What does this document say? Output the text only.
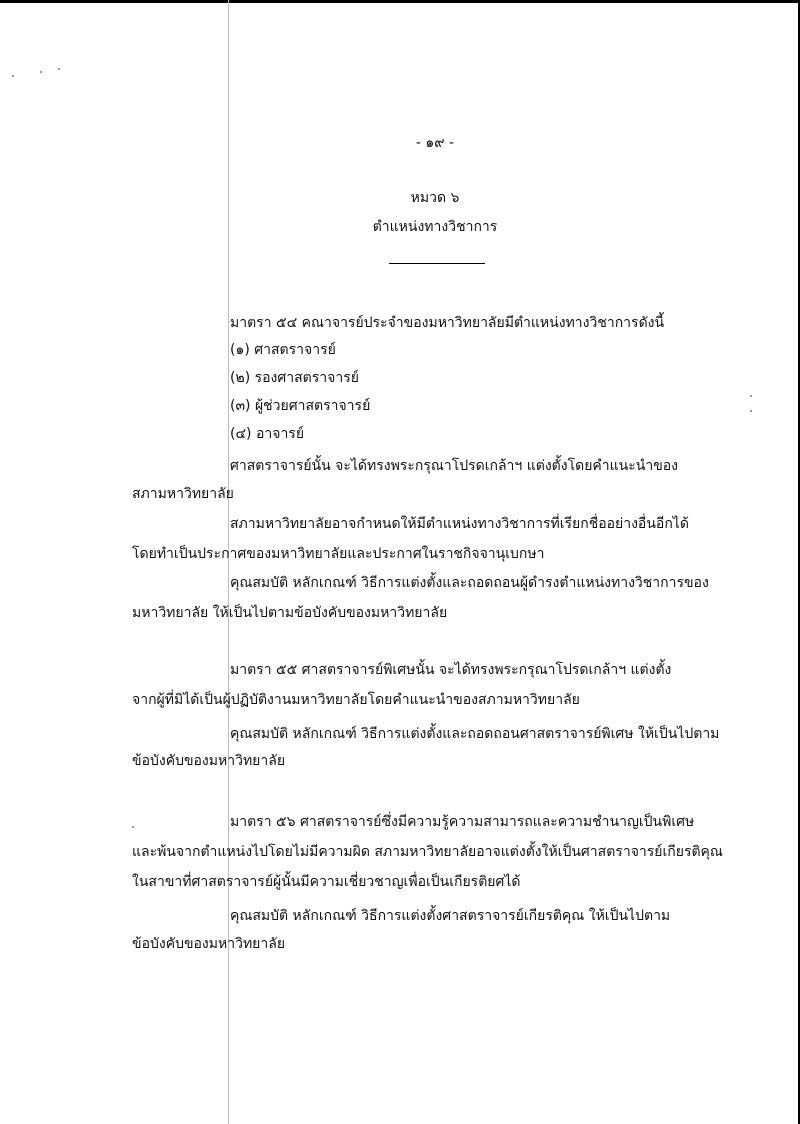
- ๑๙ -
หมวด ๖
ตำแหน่งทางวิชาการ
มาตรา ๕๔ คณาจารย์ประจำของมหาวิทยาลัยมีตำแหน่งทางวิชาการดังนี้
(๑) ศาสตราจารย์
(๒) รองศาสตราจารย์
(๓) ผู้ช่วยศาสตราจารย์
(๔) อาจารย์
ศาสตราจารย์นั้น จะได้ทรงพระกรุณาโปรดเกล้าฯ แต่งตั้งโดยคำแนะนำของ
สภามหาวิทยาลัย
สภามหาวิทยาลัยอาจกำหนดให้มีตำแหน่งทางวิชาการที่เรียกชื่ออย่างอื่นอีกได้
โดยทำเป็นประกาศของมหาวิทยาลัยและประกาศในราชกิจจานุเบกษา
คุณสมบัติ หลักเกณฑ์ วิธีการแต่งตั้งและถอดถอนผู้ดำรงตำแหน่งทางวิชาการของ
มหาวิทยาลัย ให้เป็นไปตามข้อบังคับของมหาวิทยาลัย
มาตรา ๕๕ ศาสตราจารย์พิเศษนั้น จะได้ทรงพระกรุณาโปรดเกล้าฯ แต่งตั้ง
จากผู้ที่มิได้เป็นผู้ปฏิบัติงานมหาวิทยาลัยโดยคำแนะนำของสภามหาวิทยาลัย
คุณสมบัติ หลักเกณฑ์ วิธีการแต่งตั้งและถอดถอนศาสตราจารย์พิเศษ ให้เป็นไปตาม
ข้อบังคับของมหาวิทยาลัย
มาตรา ๕๖ ศาสตราจารย์ซึ่งมีความรู้ความสามารถและความชำนาญเป็นพิเศษ
และพ้นจากตำแหน่งไปโดยไม่มีความผิด สภามหาวิทยาลัยอาจแต่งตั้งให้เป็นศาสตราจารย์เกียรติคุณ
ในสาขาที่ศาสตราจารย์ผู้นั้นมีความเชี่ยวชาญเพื่อเป็นเกียรติยศได้
คุณสมบัติ หลักเกณฑ์ วิธีการแต่งตั้งศาสตราจารย์เกียรติคุณ ให้เป็นไปตาม
ข้อบังคับของมหาวิทยาลัย
